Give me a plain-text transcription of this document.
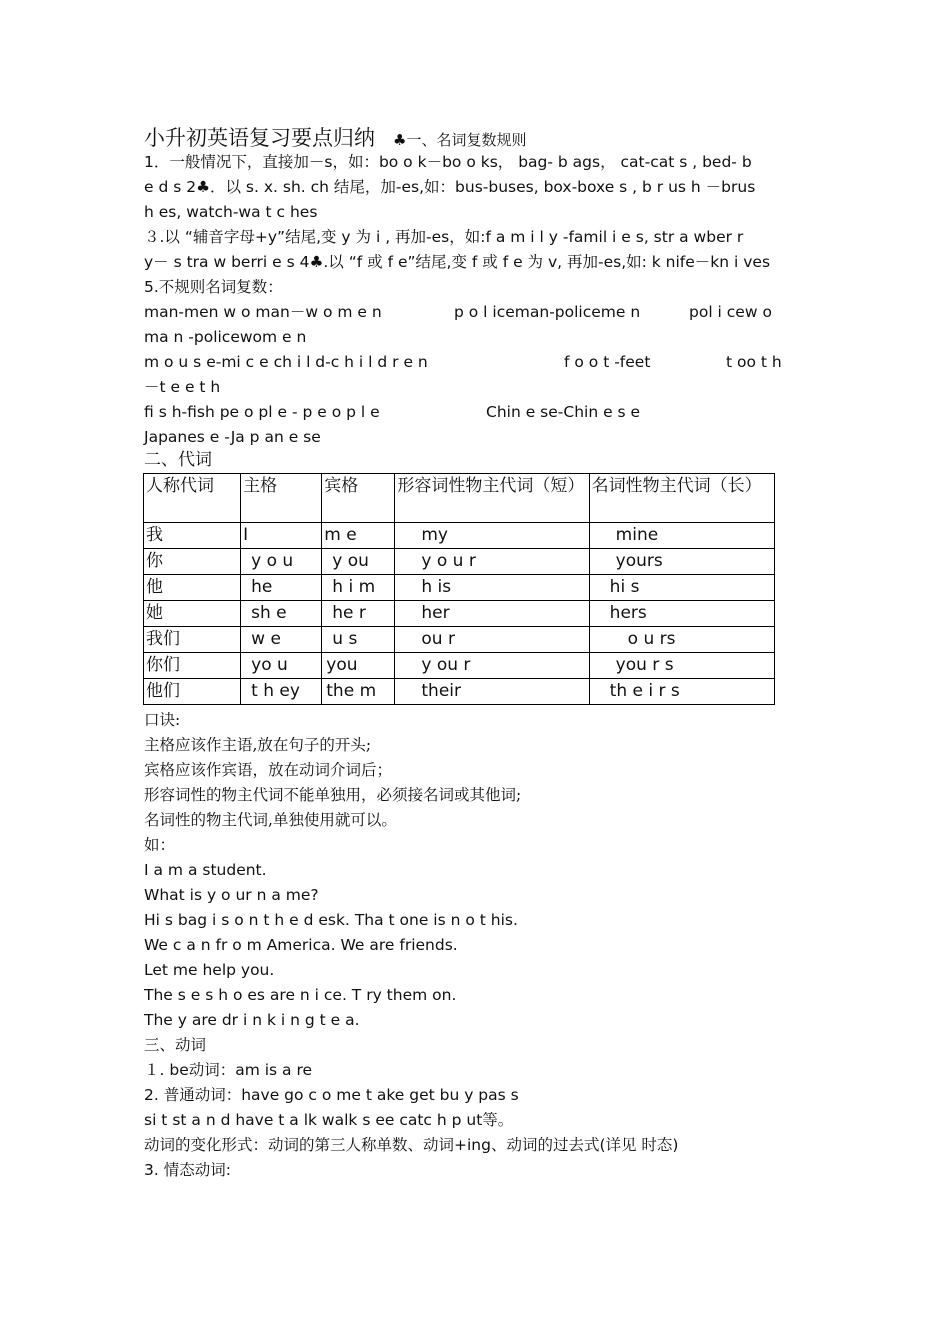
小升初英语复习要点归纳 ♣一、名词复数规则
1．一般情况下，直接加－s，如：bo o k－bo o ks， bag- b ags， cat-cat s , bed- b
e d s 2♣．以 s. x. sh. ch 结尾，加-es,如：bus-buses, box-boxe s , b r us h －brus
h es, watch-wa t c hes
３.以 “辅音字母+y”结尾,变 y 为 i , 再加-es，如:f a m i l y -famil i e s, str a wber r
y－ s tra w berri e s 4♣.以 “f 或 f e”结尾,变 f 或 f e 为 v, 再加-es,如: k nife－kn i ves
5.不规则名词复数：
man-men w o man－w o m e n	p o l iceman-policeme n	pol i cew o
ma n -policewom e n
m o u s e-mi c e ch i l d-c h i l d r e n	f o o t -feet	t oo t h
－t e e t h
fi s h-fish pe o pl e - p e o p l e	Chin e se-Chin e s e
Japanes e -Ja p an e se
二、代词
人称代词	主格	宾格	形容词性物主代词（短）	名词性物主代词（长）
我	I	m e	my	mine
你	y o u	y ou	y o u r	yours
他	he	h i m	h is	hi s
她	sh e	he r	her	hers
我们	w e	u s	ou r	o u rs
你们	yo u	you	y ou r	you r s
他们	t h ey	the m	their	th e i r s
口诀:
主格应该作主语,放在句子的开头;
宾格应该作宾语，放在动词介词后；
形容词性的物主代词不能单独用，必须接名词或其他词;
名词性的物主代词,单独使用就可以。
如：
I a m a student.
What is y o ur n a me?
Hi s bag i s o n t h e d esk. Tha t one is n o t his.
We c a n fr o m America. We are friends.
Let me help you.
The s e s h o es are n i ce. T ry them on.
The y are dr i n k i n g t e a.
三、动词
１. be动词：am is a re
2. 普通动词：have go c o me t ake get bu y pas s
si t st a n d have t a lk walk s ee catc h p ut等。
动词的变化形式：动词的第三人称单数、动词+ing、动词的过去式(详见 时态)
3. 情态动词:
